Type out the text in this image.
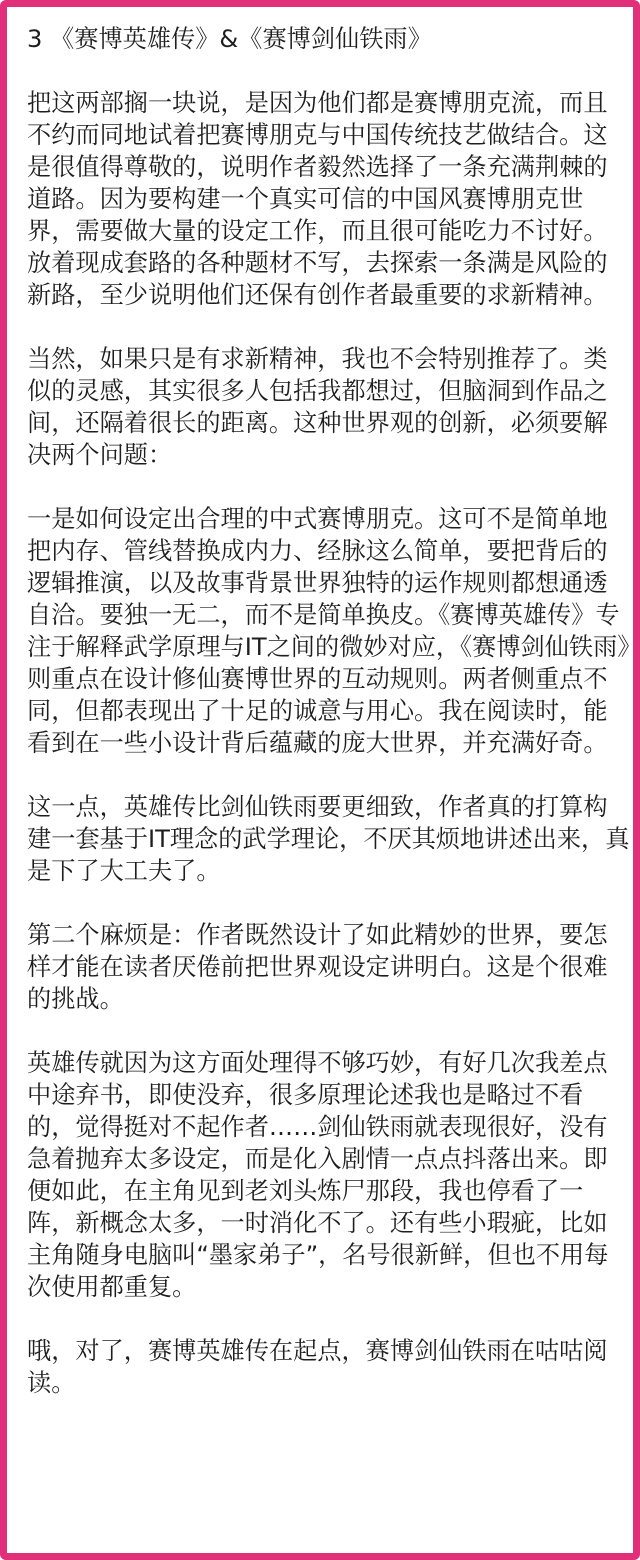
3 《赛博英雄传》&《赛博剑仙铁雨》

把这两部搁一块说，是因为他们都是赛博朋克流，而且不约而同地试着把赛博朋克与中国传统技艺做结合。这是很值得尊敬的，说明作者毅然选择了一条充满荆棘的道路。因为要构建一个真实可信的中国风赛博朋克世界，需要做大量的设定工作，而且很可能吃力不讨好。放着现成套路的各种题材不写，去探索一条满是风险的新路，至少说明他们还保有创作者最重要的求新精神。

当然，如果只是有求新精神，我也不会特别推荐了。类似的灵感，其实很多人包括我都想过，但脑洞到作品之间，还隔着很长的距离。这种世界观的创新，必须要解决两个问题：

一是如何设定出合理的中式赛博朋克。这可不是简单地把内存、管线替换成内力、经脉这么简单，要把背后的逻辑推演，以及故事背景世界独特的运作规则都想通透自洽。要独一无二，而不是简单换皮。《赛博英雄传》专注于解释武学原理与IT之间的微妙对应，《赛博剑仙铁雨》则重点在设计修仙赛博世界的互动规则。两者侧重点不同，但都表现出了十足的诚意与用心。我在阅读时，能看到在一些小设计背后蕴藏的庞大世界，并充满好奇。

这一点，英雄传比剑仙铁雨要更细致，作者真的打算构建一套基于IT理念的武学理论，不厌其烦地讲述出来，真是下了大工夫了。

第二个麻烦是：作者既然设计了如此精妙的世界，要怎样才能在读者厌倦前把世界观设定讲明白。这是个很难的挑战。

英雄传就因为这方面处理得不够巧妙，有好几次我差点中途弃书，即使没弃，很多原理论述我也是略过不看的，觉得挺对不起作者……剑仙铁雨就表现很好，没有急着抛弃太多设定，而是化入剧情一点点抖落出来。即便如此，在主角见到老刘头炼尸那段，我也停看了一阵，新概念太多，一时消化不了。还有些小瑕疵，比如主角随身电脑叫“墨家弟子”，名号很新鲜，但也不用每次使用都重复。

哦，对了，赛博英雄传在起点，赛博剑仙铁雨在咕咕阅读。
